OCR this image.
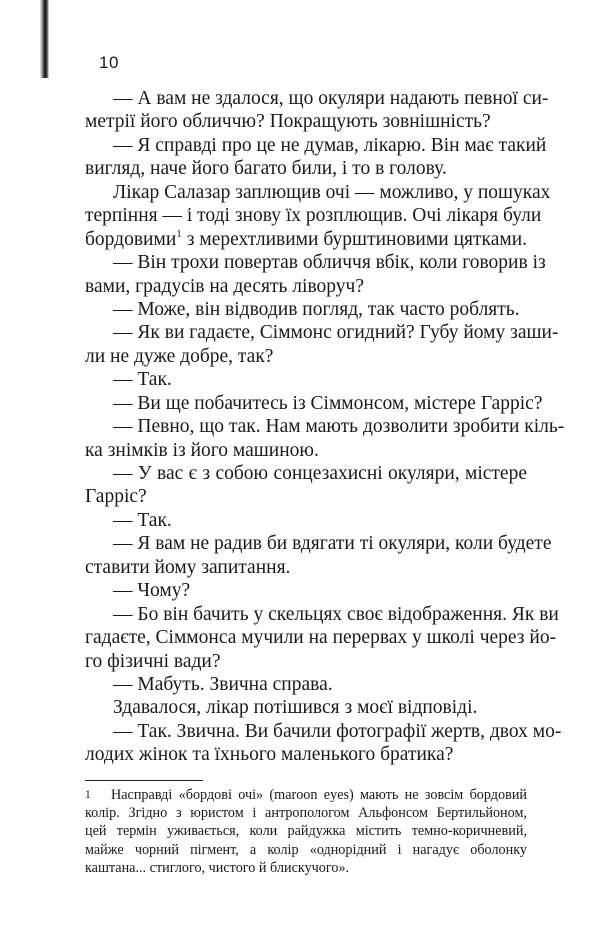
10
— А вам не здалося, що окуляри надають певної си-
метрії його обличчю? Покращують зовнішність?
— Я справді про це не думав, лікарю. Він має такий
вигляд, наче його багато били, і то в голову.
Лікар Салазар заплющив очі — можливо, у пошуках
терпіння — і тоді знову їх розплющив. Очі лікаря були
бордовими$^1$ з мерехтливими бурштиновими цятками.
— Він трохи повертав обличчя вбік, коли говорив із
вами, градусів на десять ліворуч?
— Може, він відводив погляд, так часто роблять.
— Як ви гадаєте, Сіммонс огидний? Губу йому заши-
ли не дуже добре, так?
— Так.
— Ви ще побачитесь із Сіммонсом, містере Гарріс?
— Певно, що так. Нам мають дозволити зробити кіль-
ка знімків із його машиною.
— У вас є з собою сонцезахисні окуляри, містере
Гарріс?
— Так.
— Я вам не радив би вдягати ті окуляри, коли будете
ставити йому запитання.
— Чому?
— Бо він бачить у скельцях своє відображення. Як ви
гадаєте, Сіммонса мучили на перервах у школі через йо-
го фізичні вади?
— Мабуть. Звична справа.
Здавалося, лікар потішився з моєї відповіді.
— Так. Звична. Ви бачили фотографії жертв, двох мо-
лодих жінок та їхнього маленького братика?
1	Насправді «бордові очі» (maroon eyes) мають не зовсім бордовий
колір. Згідно з юристом і антропологом Альфонсом Бертильйоном,
цей термін уживається, коли райдужка містить темно-коричневий,
майже чорний пігмент, а колір «однорідний і нагадує оболонку
каштана... стиглого, чистого й блискучого».
